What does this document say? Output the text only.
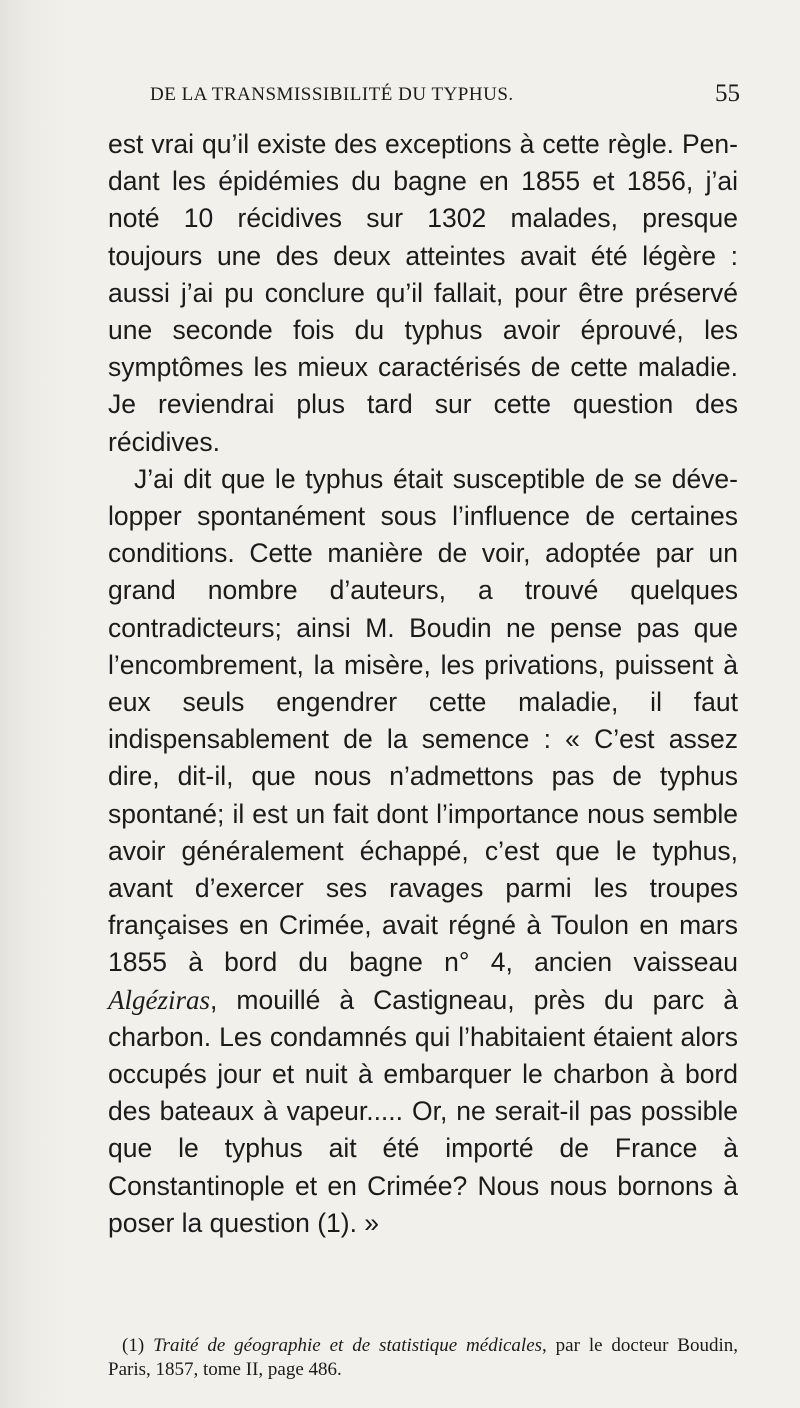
DE LA TRANSMISSIBILITÉ DU TYPHUS.	55

est vrai qu’il existe des exceptions à cette règle. Pendant les épidémies du bagne en 1855 et 1856, j’ai noté 10 récidives sur 1302 malades, presque toujours une des deux atteintes avait été légère : aussi j’ai pu conclure qu’il fallait, pour être préservé une seconde fois du typhus avoir éprouvé, les symptômes les mieux caractérisés de cette maladie. Je reviendrai plus tard sur cette question des récidives.

J’ai dit que le typhus était susceptible de se développer spontanément sous l’influence de certaines conditions. Cette manière de voir, adoptée par un grand nombre d’auteurs, a trouvé quelques contradicteurs; ainsi M. Boudin ne pense pas que l’encombrement, la misère, les privations, puissent à eux seuls engendrer cette maladie, il faut indispensablement de la semence : « C’est assez dire, dit-il, que nous n’admettons pas de typhus spontané; il est un fait dont l’importance nous semble avoir généralement échappé, c’est que le typhus, avant d’exercer ses ravages parmi les troupes françaises en Crimée, avait régné à Toulon en mars 1855 à bord du bagne n° 4, ancien vaisseau Algéziras, mouillé à Castigneau, près du parc à charbon. Les condamnés qui l’habitaient étaient alors occupés jour et nuit à embarquer le charbon à bord des bateaux à vapeur..... Or, ne serait-il pas possible que le typhus ait été importé de France à Constantinople et en Crimée? Nous nous bornons à poser la question (1). »

(1) Traité de géographie et de statistique médicales, par le docteur Boudin, Paris, 1857, tome II, page 486.
